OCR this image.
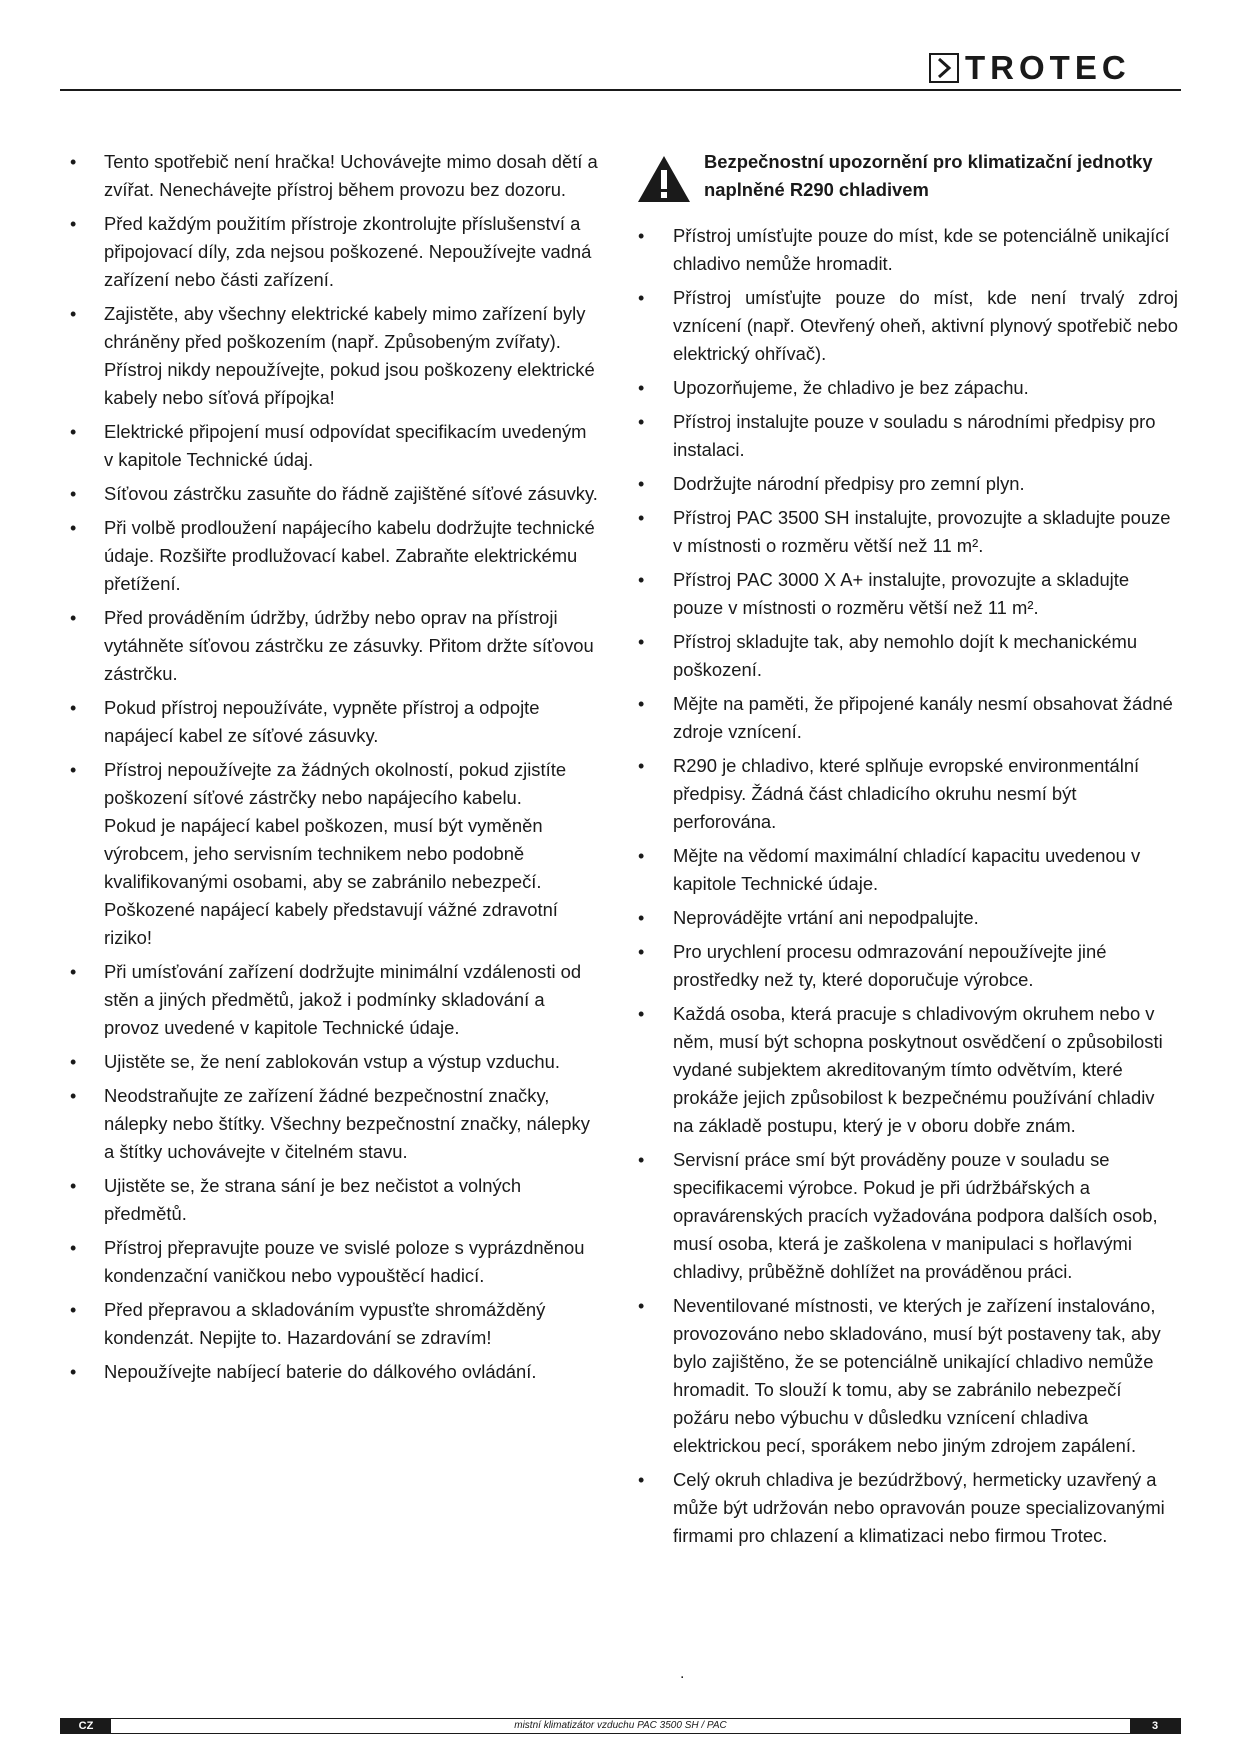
TROTEC
• Tento spotřebič není hračka! Uchovávejte mimo dosah dětí a zvířat. Nenechávejte přístroj během provozu bez dozoru.
• Před každým použitím přístroje zkontrolujte příslušenství a připojovací díly, zda nejsou poškozené. Nepoužívejte vadná zařízení nebo části zařízení.
• Zajistěte, aby všechny elektrické kabely mimo zařízení byly chráněny před poškozením (např. Způsobeným zvířaty). Přístroj nikdy nepoužívejte, pokud jsou poškozeny elektrické kabely nebo síťová přípojka!
• Elektrické připojení musí odpovídat specifikacím uvedeným v kapitole Technické údaj.
• Síťovou zástrčku zasuňte do řádně zajištěné síťové zásuvky.
• Při volbě prodloužení napájecího kabelu dodržujte technické údaje. Rozšiřte prodlužovací kabel. Zabraňte elektrickému přetížení.
• Před prováděním údržby, údržby nebo oprav na přístroji vytáhněte síťovou zástrčku ze zásuvky. Přitom držte síťovou zástrčku.
• Pokud přístroj nepoužíváte, vypněte přístroj a odpojte napájecí kabel ze síťové zásuvky.
• Přístroj nepoužívejte za žádných okolností, pokud zjistíte poškození síťové zástrčky nebo napájecího kabelu.
Pokud je napájecí kabel poškozen, musí být vyměněn výrobcem, jeho servisním technikem nebo podobně kvalifikovanými osobami, aby se zabránilo nebezpečí. Poškozené napájecí kabely představují vážné zdravotní riziko!
• Při umísťování zařízení dodržujte minimální vzdálenosti od stěn a jiných předmětů, jakož i podmínky skladování a provoz uvedené v kapitole Technické údaje.
• Ujistěte se, že není zablokován vstup a výstup vzduchu.
• Neodstraňujte ze zařízení žádné bezpečnostní značky, nálepky nebo štítky. Všechny bezpečnostní značky, nálepky a štítky uchovávejte v čitelném stavu.
• Ujistěte se, že strana sání je bez nečistot a volných předmětů.
• Přístroj přepravujte pouze ve svislé poloze s vyprázdněnou kondenzační vaničkou nebo vypouštěcí hadicí.
• Před přepravou a skladováním vypusťte shromážděný kondenzát. Nepijte to. Hazardování se zdravím!
• Nepoužívejte nabíjecí baterie do dálkového ovládání.

Bezpečnostní upozornění pro klimatizační jednotky naplněné R290 chladivem

• Přístroj umísťujte pouze do míst, kde se potenciálně unikající chladivo nemůže hromadit.
• Přístroj umísťujte pouze do míst, kde není trvalý zdroj vznícení (např. Otevřený oheň, aktivní plynový spotřebič nebo elektrický ohřívač).
• Upozorňujeme, že chladivo je bez zápachu.
• Přístroj instalujte pouze v souladu s národními předpisy pro instalaci.
• Dodržujte národní předpisy pro zemní plyn.
• Přístroj PAC 3500 SH instalujte, provozujte a skladujte pouze v místnosti o rozměru větší než 11 m².
• Přístroj PAC 3000 X A+ instalujte, provozujte a skladujte pouze v místnosti o rozměru větší než 11 m².
• Přístroj skladujte tak, aby nemohlo dojít k mechanickému poškození.
• Mějte na paměti, že připojené kanály nesmí obsahovat žádné zdroje vznícení.
• R290 je chladivo, které splňuje evropské environmentální předpisy. Žádná část chladicího okruhu nesmí být perforována.
• Mějte na vědomí maximální chladící kapacitu uvedenou v kapitole Technické údaje.
• Neprovádějte vrtání ani nepodpalujte.
• Pro urychlení procesu odmrazování nepoužívejte jiné prostředky než ty, které doporučuje výrobce.
• Každá osoba, která pracuje s chladivovým okruhem nebo v něm, musí být schopna poskytnout osvědčení o způsobilosti vydané subjektem akreditovaným tímto odvětvím, které prokáže jejich způsobilost k bezpečnému používání chladiv na základě postupu, který je v oboru dobře znám.
• Servisní práce smí být prováděny pouze v souladu se specifikacemi výrobce. Pokud je při údržbářských a opravárenských pracích vyžadována podpora dalších osob, musí osoba, která je zaškolena v manipulaci s hořlavými chladivy, průběžně dohlížet na prováděnou práci.
• Neventilované místnosti, ve kterých je zařízení instalováno, provozováno nebo skladováno, musí být postaveny tak, aby bylo zajištěno, že se potenciálně unikající chladivo nemůže hromadit. To slouží k tomu, aby se zabránilo nebezpečí požáru nebo výbuchu v důsledku vznícení chladiva elektrickou pecí, sporákem nebo jiným zdrojem zapálení.
• Celý okruh chladiva je bezúdržbový, hermeticky uzavřený a může být udržován nebo opravován pouze specializovanými firmami pro chlazení a klimatizaci nebo firmou Trotec.
.
CZ	mistní klimatizátor vzduchu PAC 3500 SH / PAC	3
